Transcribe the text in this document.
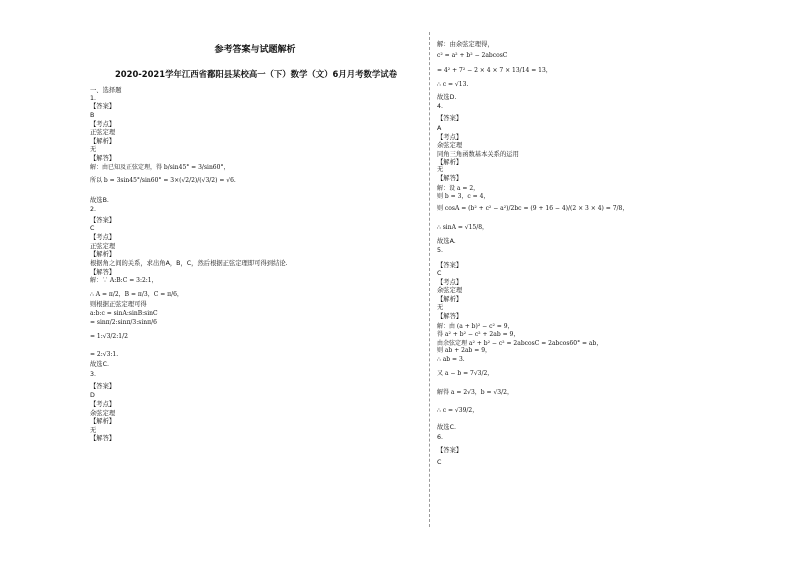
参考答案与试题解析
2020-2021学年江西省鄱阳县某校高一（下）数学（文）6月月考数学试卷
一、选择题
1.
【答案】
B
【考点】
正弦定理
【解析】
无
【解答】
解：由已知及正弦定理，得 b/sin45° = 3/sin60°，
所以 b = 3sin45°/sin60° = 3×(√2/2)/(√3/2) = √6.
故选B.
2.
【答案】
C
【考点】
正弦定理
【解析】
根据角之间的关系，求出角A，B，C，然后根据正弦定理即可得到结论.
【解答】
解：∵ A:B:C = 3:2:1，
∴ A = π/2，B = π/3，C = π/6，
则根据正弦定理可得
a:b:c = sinA:sinB:sinC
= sinπ/2:sinπ/3:sinπ/6
= 1:√3/2:1/2
= 2:√3:1.
故选C.
3.
【答案】
D
【考点】
余弦定理
【解析】
无
【解答】
解：由余弦定理得，
c² = a² + b² − 2abcosC
= 4² + 7² − 2 × 4 × 7 × 13/14 = 13，
∴ c = √13.
故选D.
4.
【答案】
A
【考点】
余弦定理
同角三角函数基本关系的运用
【解析】
无
【解答】
解：设 a = 2，
则 b = 3，c = 4，
则 cosA = (b² + c² − a²)/2bc = (9 + 16 − 4)/(2 × 3 × 4) = 7/8，
∴ sinA = √15/8，
故选A.
5.
【答案】
C
【考点】
余弦定理
【解析】
无
【解答】
解：由 (a + b)² − c² = 9，
得 a² + b² − c² + 2ab = 9，
由余弦定理 a² + b² − c² = 2abcosC = 2abcos60° = ab，
则 ab + 2ab = 9，
∴ ab = 3.
又 a − b = 7√3/2，
解得 a = 2√3，b = √3/2，
∴ c = √39/2，
故选C.
6.
【答案】
C
